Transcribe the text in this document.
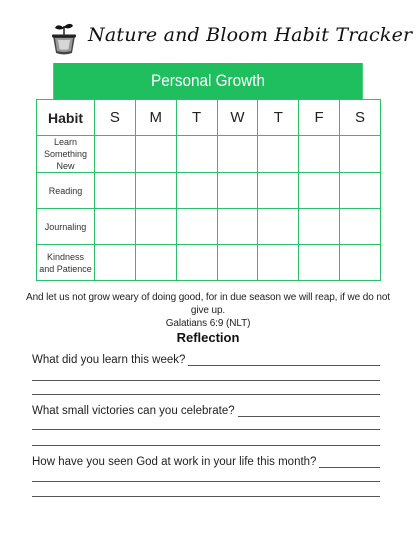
Nature and Bloom Habit Tracker
Personal Growth
Habit	S	M	T	W	T	F	S
Learn Something New							
Reading							
Journaling							
Kindness and Patience							
And let us not grow weary of doing good, for in due season we will reap, if we do not give up.
Galatians 6:9 (NLT)
Reflection
What did you learn this week?
What small victories can you celebrate?
How have you seen God at work in your life this month?
